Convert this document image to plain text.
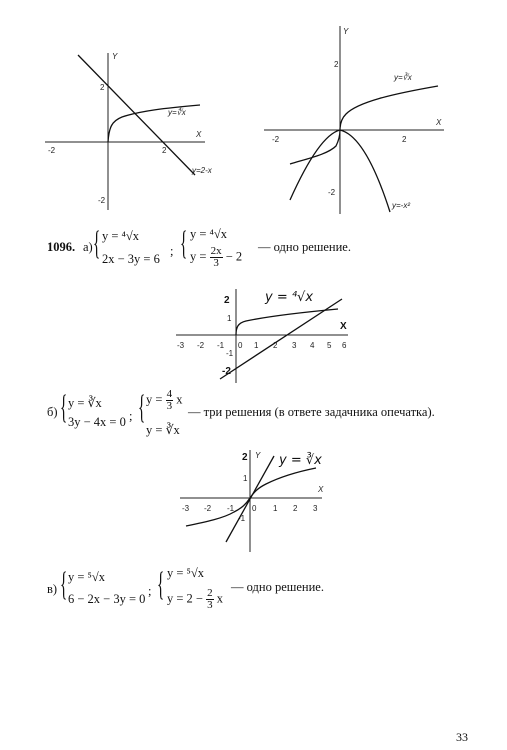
Y
X
-2	2
2
-2
y=∜x
y=2-x
Y
X
2
-2	2
-2
y=∛x
y=-x²
1096. а) { y = ⁴√x
2x − 3y = 6
; { y = ⁴√x
$y = \frac{2x}{3} - 2$
— одно решение.
X
-3 -2 -1 0 1 2 3 4 5 6
2
1
-1
-2
y = ⁴√x
б) { y = ∛x
3y − 4x = 0 ; { $y = \frac{4}{3}$ x
y = ∛x
— три решения (в ответе задачника опечатка).
Y
X
-3 -2 -1 0 1 2 3
2
1
-1
y = ∛x
в) { y = ⁵√x
6 − 2x − 3y = 0
; { y = ⁵√x
$y = 2 - \frac{2}{3}$ x
— одно решение.
33
